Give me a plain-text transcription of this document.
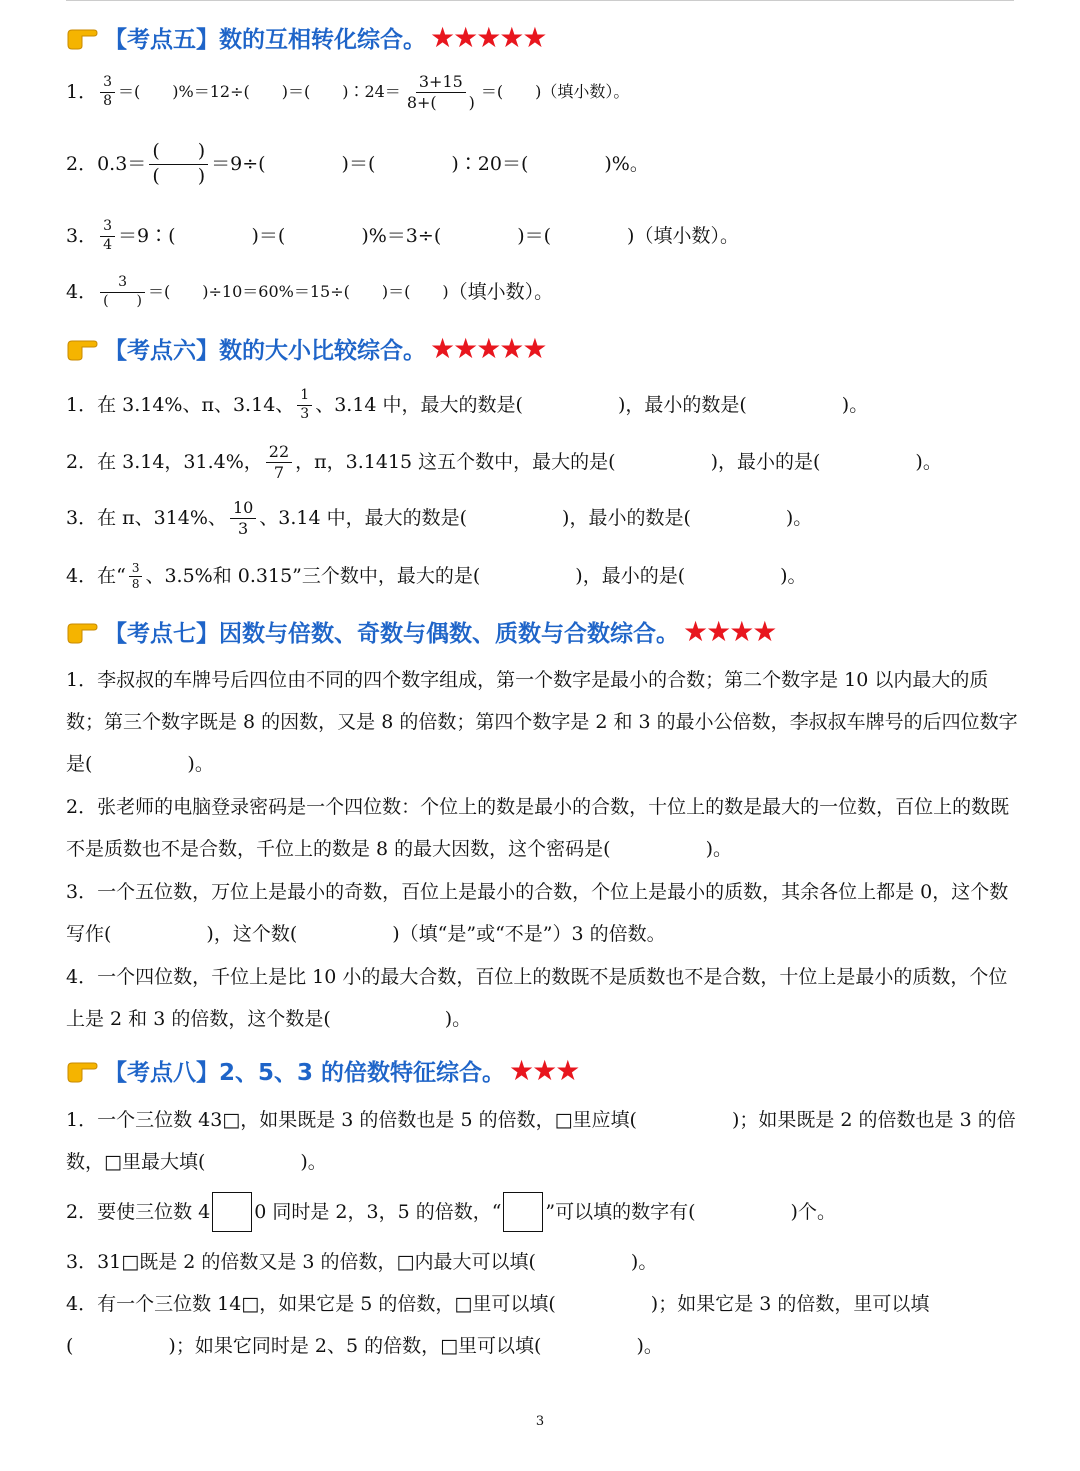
【考点五】数的互相转化综合。 ★★★★★
1． $\frac{3}{8}$ ＝(　　)%＝12÷(　　)＝(　　)∶24＝ $\frac{3+15}{8+( )}$ ＝(　　)（填小数）。
2．$0.3= \frac{( )}{( )} =9\div$(　　　　)＝(　　　　)∶20＝(　　　　)%。
3． $\frac{3}{4}$ ＝9∶(　　　　)＝(　　　　)%＝3÷(　　　　)＝(　　　　)（填小数）。
4． $\frac{3}{( )}$ ＝(　　)÷10＝60%＝15÷(　　)＝(　　) （填小数）。
【考点六】数的大小比较综合。 ★★★★★
1．在 3.14%、π、3.14、 $\frac{1}{3}$ 、3.14̇ 中，最大的数是(　　　　　)，最小的数是(　　　　　)。
2．在 3.14，31.4%， $\frac{22}{7}$ ，π，3.1415 这五个数中，最大的是(　　　　　)，最小的是(　　　　　)。
3．在 π、314%、 $\frac{10}{3}$ 、3.14̇ 中，最大的数是(　　　　　)，最小的数是(　　　　　)。
4．在“ $\frac{3}{8}$ 、3.5%和 0.315”三个数中，最大的是(　　　　　)，最小的是(　　　　　)。
【考点七】因数与倍数、奇数与偶数、质数与合数综合。 ★★★★
1．李叔叔的车牌号后四位由不同的四个数字组成，第一个数字是最小的合数；第二个数字是 10 以内最大的质数；第三个数字既是 8 的因数，又是 8 的倍数；第四个数字是 2 和 3 的最小公倍数，李叔叔车牌号的后四位数字是(　　　　　)。
2．张老师的电脑登录密码是一个四位数：个位上的数是最小的合数，十位上的数是最大的一位数，百位上的数既不是质数也不是合数，千位上的数是 8 的最大因数，这个密码是(　　　　　)。
3．一个五位数，万位上是最小的奇数，百位上是最小的合数，个位上是最小的质数，其余各位上都是 0，这个数写作(　　　　　)，这个数(　　　　　)（填“是”或“不是”）3 的倍数。
4．一个四位数，千位上是比 10 小的最大合数，百位上的数既不是质数也不是合数，十位上是最小的质数，个位上是 2 和 3 的倍数，这个数是(　　　　　　)。
【考点八】2、5、3 的倍数特征综合。 ★★★
1．一个三位数 43□，如果既是 3 的倍数也是 5 的倍数，□里应填(　　　　　)；如果既是 2 的倍数也是 3 的倍数，□里最大填(　　　　　)。
2．要使三位数 4 0 同时是 2，3，5 的倍数，“ ”可以填的数字有(　　　　　)个。
3．31□既是 2 的倍数又是 3 的倍数，□内最大可以填(　　　　　)。
4．有一个三位数 14□，如果它是 5 的倍数，□里可以填(　　　　　)；如果它是 3 的倍数，里可以填(　　　　　)；如果它同时是 2、5 的倍数，□里可以填(　　　　　)。
3
